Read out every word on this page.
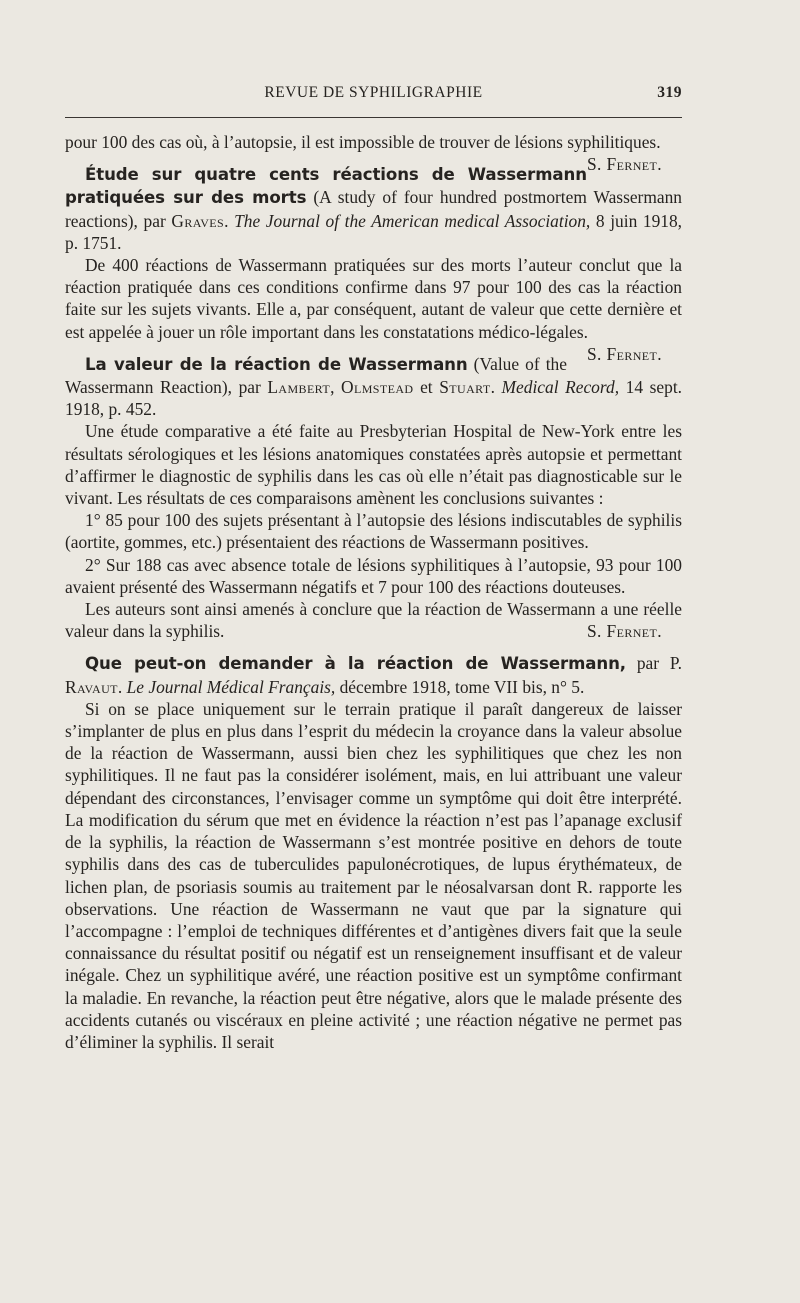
REVUE DE SYPHILIGRAPHIE	319

pour 100 des cas où, à l’autopsie, il est impossible de trouver de lésions syphilitiques.
S. Fernet.

Étude sur quatre cents réactions de Wassermann pratiquées sur des morts (A study of four hundred postmortem Wassermann reactions), par Graves. The Journal of the American medical Association, 8 juin 1918, p. 1751.

De 400 réactions de Wassermann pratiquées sur des morts l’auteur conclut que la réaction pratiquée dans ces conditions confirme dans 97 pour 100 des cas la réaction faite sur les sujets vivants. Elle a, par conséquent, autant de valeur que cette dernière et est appelée à jouer un rôle important dans les constatations médico-légales.
S. Fernet.

La valeur de la réaction de Wassermann (Value of the Wassermann Reaction), par Lambert, Olmstead et Stuart. Medical Record, 14 sept. 1918, p. 452.

Une étude comparative a été faite au Presbyterian Hospital de New-York entre les résultats sérologiques et les lésions anatomiques constatées après autopsie et permettant d’affirmer le diagnostic de syphilis dans les cas où elle n’était pas diagnosticable sur le vivant. Les résultats de ces comparaisons amènent les conclusions suivantes :

1° 85 pour 100 des sujets présentant à l’autopsie des lésions indiscutables de syphilis (aortite, gommes, etc.) présentaient des réactions de Wassermann positives.

2° Sur 188 cas avec absence totale de lésions syphilitiques à l’autopsie, 93 pour 100 avaient présenté des Wassermann négatifs et 7 pour 100 des réactions douteuses.

Les auteurs sont ainsi amenés à conclure que la réaction de Wassermann a une réelle valeur dans la syphilis.	S. Fernet.

Que peut-on demander à la réaction de Wassermann, par P. Ravaut. Le Journal Médical Français, décembre 1918, tome VII bis, n° 5.

Si on se place uniquement sur le terrain pratique il paraît dangereux de laisser s’implanter de plus en plus dans l’esprit du médecin la croyance dans la valeur absolue de la réaction de Wassermann, aussi bien chez les syphilitiques que chez les non syphilitiques. Il ne faut pas la considérer isolément, mais, en lui attribuant une valeur dépendant des circonstances, l’envisager comme un symptôme qui doit être interprété. La modification du sérum que met en évidence la réaction n’est pas l’apanage exclusif de la syphilis, la réaction de Wassermann s’est montrée positive en dehors de toute syphilis dans des cas de tuberculides papulonécrotiques, de lupus érythémateux, de lichen plan, de psoriasis soumis au traitement par le néosalvarsan dont R. rapporte les observations. Une réaction de Wassermann ne vaut que par la signature qui l’accompagne : l’emploi de techniques différentes et d’antigènes divers fait que la seule connaissance du résultat positif ou négatif est un renseignement insuffisant et de valeur inégale. Chez un syphilitique avéré, une réaction positive est un symptôme confirmant la maladie. En revanche, la réaction peut être négative, alors que le malade présente des accidents cutanés ou viscéraux en pleine activité ; une réaction négative ne permet pas d’éliminer la syphilis. Il serait
